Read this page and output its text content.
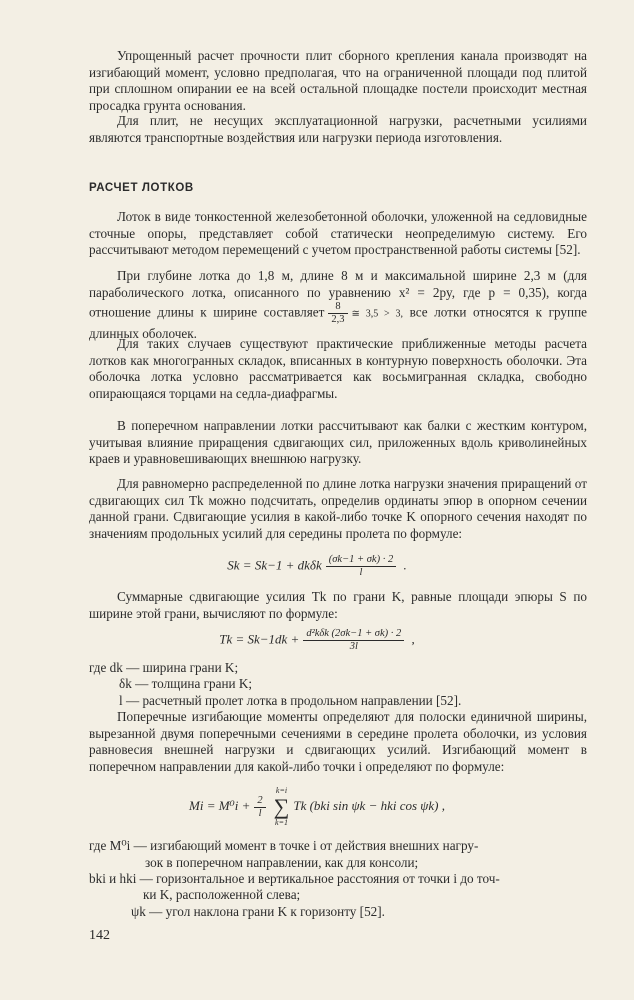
Упрощенный расчет прочности плит сборного крепления канала производят на изгибающий момент, условно предполагая, что на ограниченной площади под плитой при сплошном опирании ее на всей остальной площадке постели происходит местная просадка грунта основания.

Для плит, не несущих эксплуатационной нагрузки, расчетными усилиями являются транспортные воздействия или нагрузки периода изготовления.

РАСЧЕТ ЛОТКОВ

Лоток в виде тонкостенной железобетонной оболочки, уложенной на седловидные сточные опоры, представляет собой статически неопределимую систему. Его рассчитывают методом перемещений с учетом пространственной работы системы [52].

При глубине лотка до 1,8 м, длине 8 м и максимальной ширине 2,3 м (для параболического лотка, описанного по уравнению x² = 2py, где p = 0,35), когда отношение длины к ширине составляет $\frac{8}{2,3}$ ≅ 3,5 > 3, все лотки относятся к группе длинных оболочек.

Для таких случаев существуют практические приближенные методы расчета лотков как многогранных складок, вписанных в контурную поверхность оболочки. Эта оболочка лотка условно рассматривается как восьмигранная складка, свободно опирающаяся торцами на седла-диафрагмы.

В поперечном направлении лотки рассчитывают как балки с жестким контуром, учитывая влияние приращения сдвигающих сил, приложенных вдоль криволинейных краев и уравновешивающих внешнюю нагрузку.

Для равномерно распределенной по длине лотка нагрузки значения приращений от сдвигающих сил Tk можно подсчитать, определив ординаты эпюр в опорном сечении данной грани. Сдвигающие усилия в какой-либо точке K опорного сечения находят по значениям продольных усилий для середины пролета по формуле:

Sk = Sk−1 + dkδk $\frac{(\sigma k-1 + \sigma k) \cdot 2}{l}$ .

Суммарные сдвигающие усилия Tk по грани K, равные площади эпюры S по ширине этой грани, вычисляют по формуле:

$Tk = Sk-1dk + \frac{\text{d²kδk (2σk−1 + σk) · 2}}{3l}$ ,
где dk — ширина грани K;
δk — толщина грани K;
l — расчетный пролет лотка в продольном направлении [52].

Поперечные изгибающие моменты определяют для полоски единичной ширины, вырезанной двумя поперечными сечениями в середине пролета оболочки, из условия равновесия внешней нагрузки и сдвигающих усилий. Изгибающий момент в поперечном направлении для какой-либо точки i определяют по формуле:

$Mi = M^0i + \frac{2}{l}$
k=i
∑
k=1
Tk (bki sin ψk − hki cos ψk) ,
где M⁰i — изгибающий момент в точке i от действия внешних нагру-
зок в поперечном направлении, как для консоли;
bki и hki — горизонтальное и вертикальное расстояния от точки i до точ-
ки K, расположенной слева;
ψk — угол наклона грани K к горизонту [52].
142
